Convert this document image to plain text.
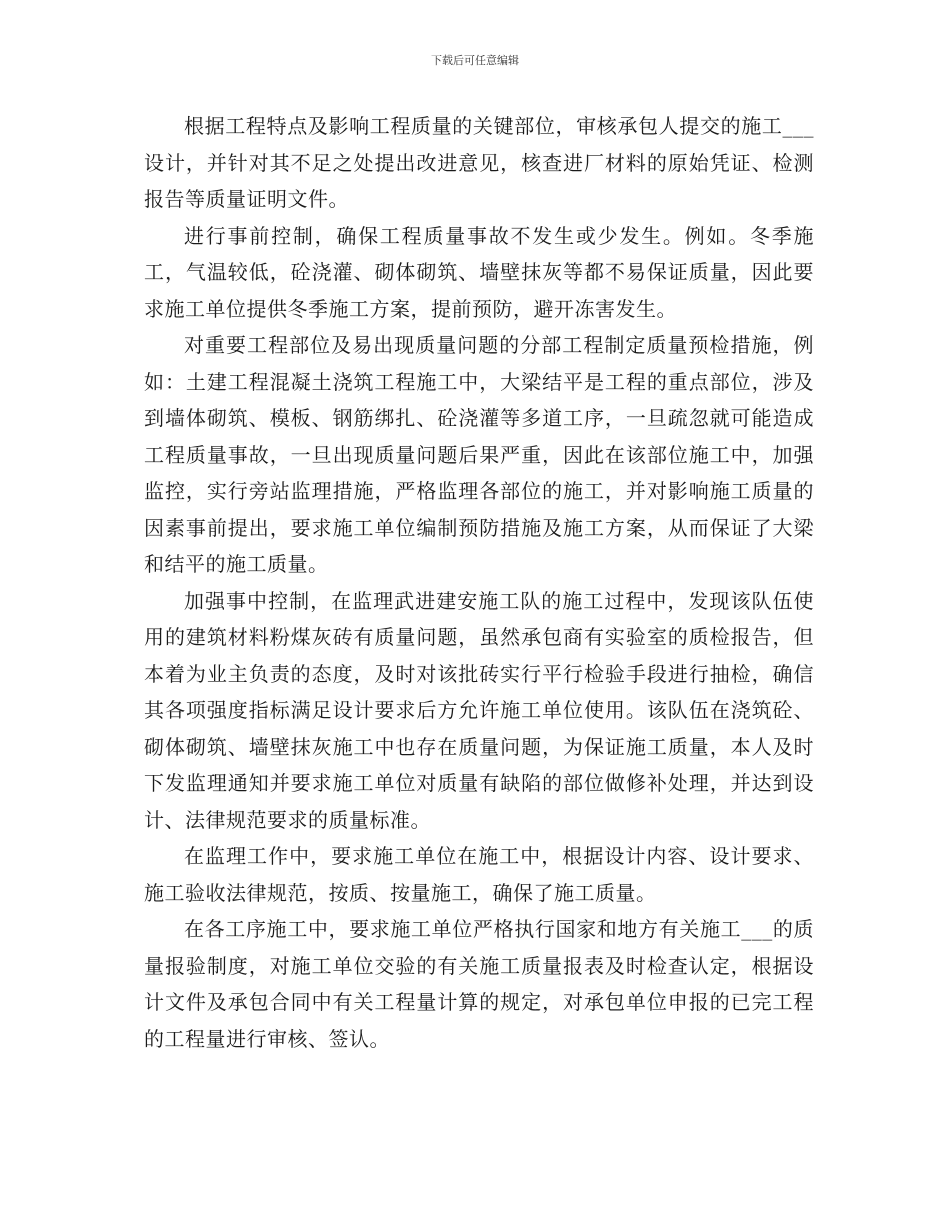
下载后可任意编辑

根据工程特点及影响工程质量的关键部位，审核承包人提交的施工___设计，并针对其不足之处提出改进意见，核查进厂材料的原始凭证、检测报告等质量证明文件。

进行事前控制，确保工程质量事故不发生或少发生。例如。冬季施工，气温较低，砼浇灌、砌体砌筑、墙壁抹灰等都不易保证质量，因此要求施工单位提供冬季施工方案，提前预防，避开冻害发生。

对重要工程部位及易出现质量问题的分部工程制定质量预检措施，例如：土建工程混凝土浇筑工程施工中，大梁结平是工程的重点部位，涉及到墙体砌筑、模板、钢筋绑扎、砼浇灌等多道工序，一旦疏忽就可能造成工程质量事故，一旦出现质量问题后果严重，因此在该部位施工中，加强监控，实行旁站监理措施，严格监理各部位的施工，并对影响施工质量的因素事前提出，要求施工单位编制预防措施及施工方案，从而保证了大梁和结平的施工质量。

加强事中控制，在监理武进建安施工队的施工过程中，发现该队伍使用的建筑材料粉煤灰砖有质量问题，虽然承包商有实验室的质检报告，但本着为业主负责的态度，及时对该批砖实行平行检验手段进行抽检，确信其各项强度指标满足设计要求后方允许施工单位使用。该队伍在浇筑砼、砌体砌筑、墙壁抹灰施工中也存在质量问题，为保证施工质量，本人及时下发监理通知并要求施工单位对质量有缺陷的部位做修补处理，并达到设计、法律规范要求的质量标准。

在监理工作中，要求施工单位在施工中，根据设计内容、设计要求、施工验收法律规范，按质、按量施工，确保了施工质量。

在各工序施工中，要求施工单位严格执行国家和地方有关施工___的质量报验制度，对施工单位交验的有关施工质量报表及时检查认定，根据设计文件及承包合同中有关工程量计算的规定，对承包单位申报的已完工程的工程量进行审核、签认。
